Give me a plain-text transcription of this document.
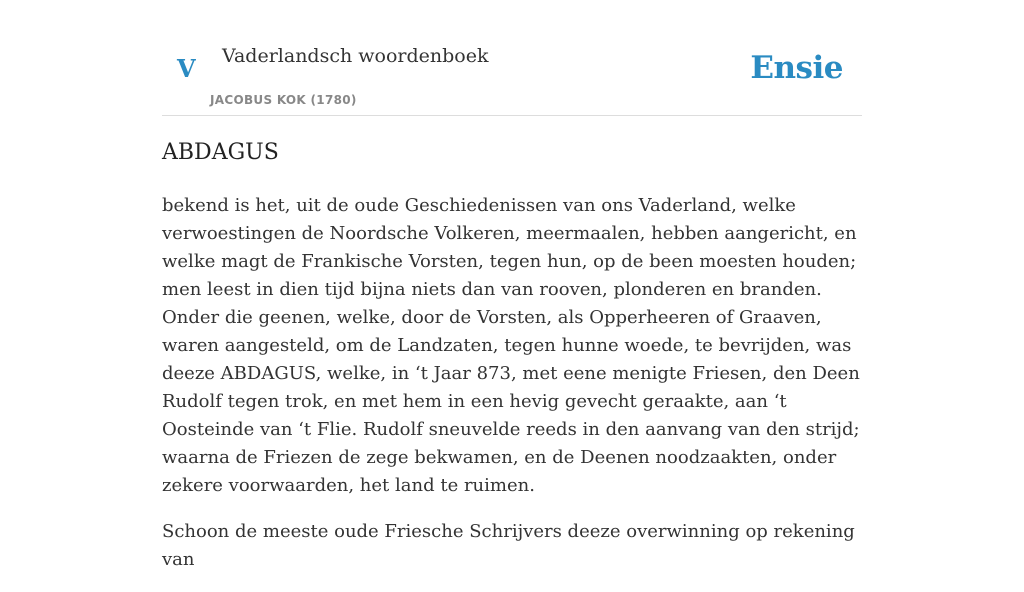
V Vaderlandsch woordenboek
JACOBUS KOK (1780)
Ensie
ABDAGUS

bekend is het, uit de oude Geschiedenissen van ons Vaderland, welke verwoestingen de Noordsche Volkeren, meermaalen, hebben aangericht, en welke magt de Frankische Vorsten, tegen hun, op de been moesten houden; men leest in dien tijd bijna niets dan van rooven, plonderen en branden. Onder die geenen, welke, door de Vorsten, als Opperheeren of Graaven, waren aangesteld, om de Landzaten, tegen hunne woede, te bevrijden, was deeze ABDAGUS, welke, in ‘t Jaar 873, met eene menigte Friesen, den Deen Rudolf tegen trok, en met hem in een hevig gevecht geraakte, aan ‘t Oosteinde van ‘t Flie. Rudolf sneuvelde reeds in den aanvang van den strijd; waarna de Friezen de zege bekwamen, en de Deenen noodzaakten, onder zekere voorwaarden, het land te ruimen.

Schoon de meeste oude Friesche Schrijvers deeze overwinning op rekening van
